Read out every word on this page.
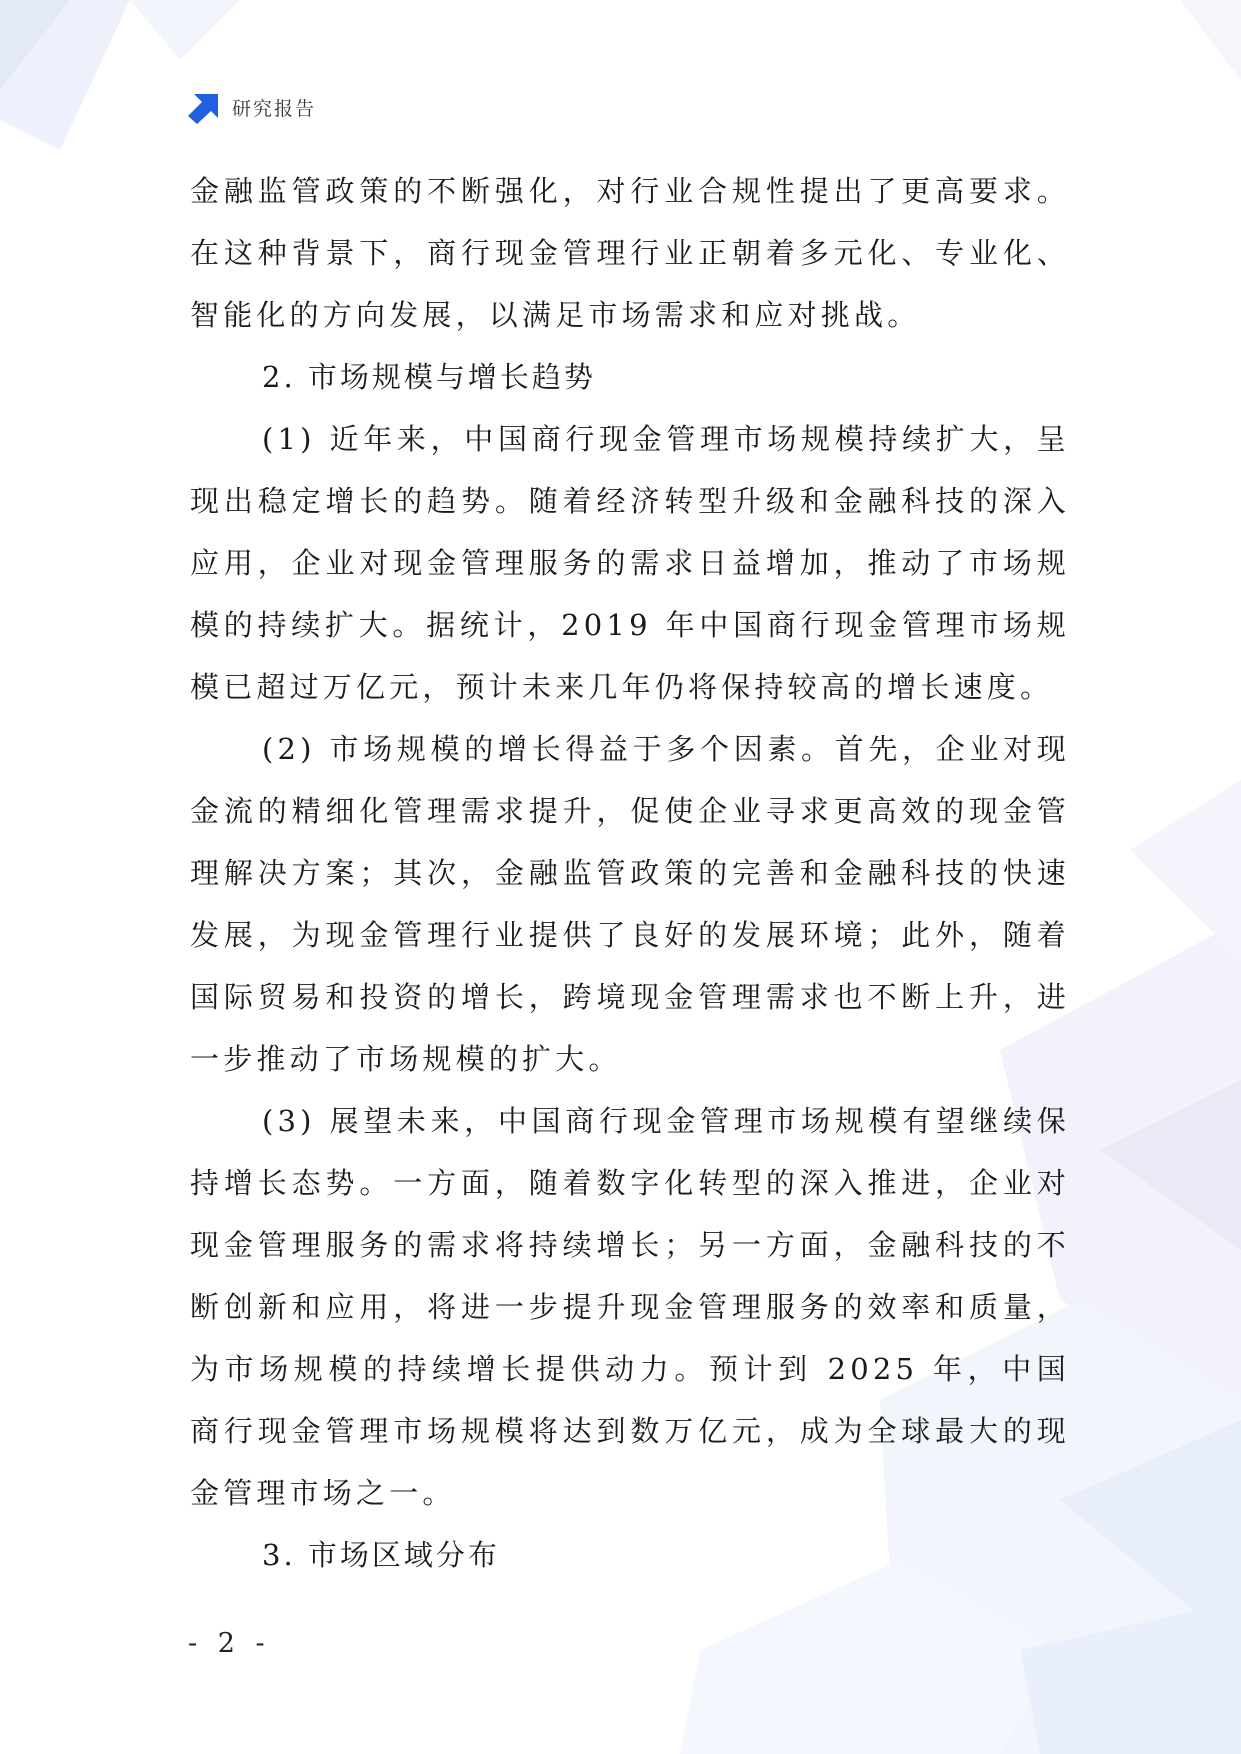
研究报告

金融监管政策的不断强化，对行业合规性提出了更高要求。在这种背景下，商行现金管理行业正朝着多元化、专业化、智能化的方向发展，以满足市场需求和应对挑战。

2. 市场规模与增长趋势

(1) 近年来，中国商行现金管理市场规模持续扩大，呈现出稳定增长的趋势。随着经济转型升级和金融科技的深入应用，企业对现金管理服务的需求日益增加，推动了市场规模的持续扩大。据统计，2019 年中国商行现金管理市场规模已超过万亿元，预计未来几年仍将保持较高的增长速度。

(2) 市场规模的增长得益于多个因素。首先，企业对现金流的精细化管理需求提升，促使企业寻求更高效的现金管理解决方案；其次，金融监管政策的完善和金融科技的快速发展，为现金管理行业提供了良好的发展环境；此外，随着国际贸易和投资的增长，跨境现金管理需求也不断上升，进一步推动了市场规模的扩大。

(3) 展望未来，中国商行现金管理市场规模有望继续保持增长态势。一方面，随着数字化转型的深入推进，企业对现金管理服务的需求将持续增长；另一方面，金融科技的不断创新和应用，将进一步提升现金管理服务的效率和质量，为市场规模的持续增长提供动力。预计到 2025 年，中国商行现金管理市场规模将达到数万亿元，成为全球最大的现金管理市场之一。

3. 市场区域分布

- 2 -
